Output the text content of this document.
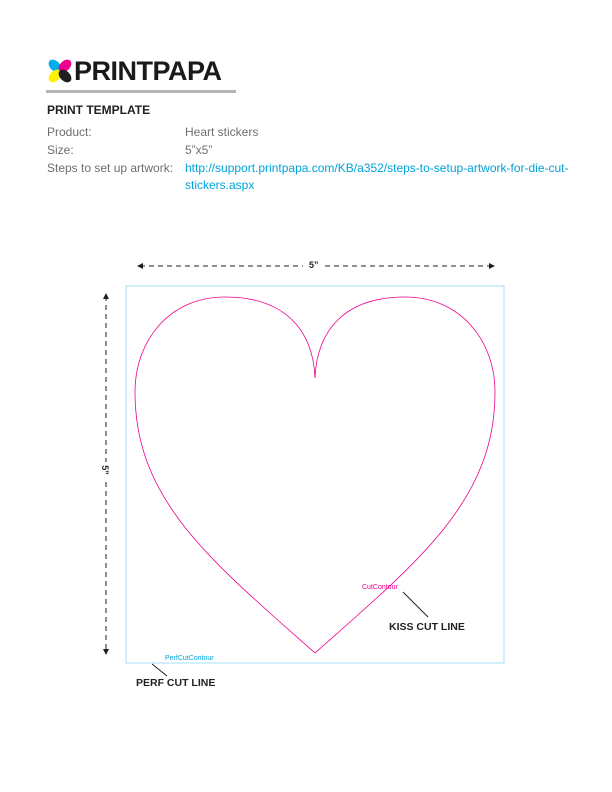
PRINTPAPA
PRINT TEMPLATE
Product:	Heart stickers
Size:	5”x5”
Steps to set up artwork: http://support.printpapa.com/KB/a352/steps-to-setup-artwork-for-die-cut-stickers.aspx
5”
5”
CutContour
PerfCutContour
KISS CUT LINE
PERF CUT LINE
